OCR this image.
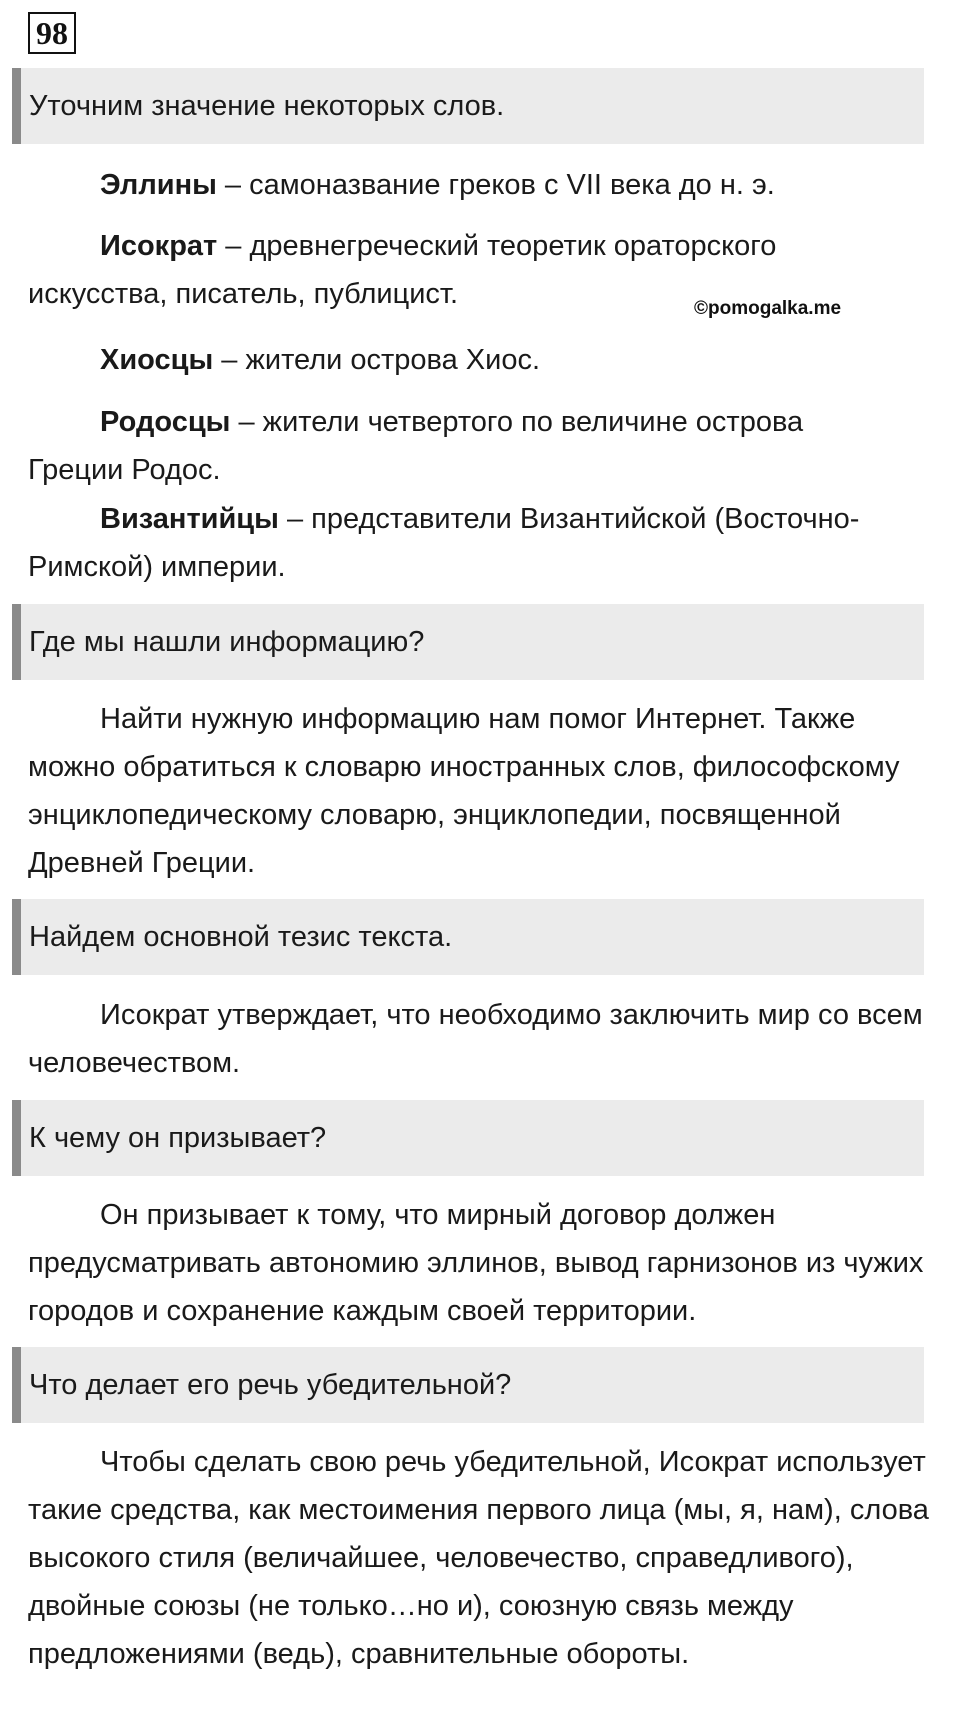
98
Уточним значение некоторых слов.

Эллины – самоназвание греков с VII века до н. э.

Исократ – древнегреческий теоретик ораторского искусства, писатель, публицист.	©pomogalka.me

Хиосцы – жители острова Хиос.

Родосцы – жители четвертого по величине острова Греции Родос.

Византийцы – представители Византийской (Восточно-Римской) империи.

Где мы нашли информацию?

Найти нужную информацию нам помог Интернет. Также можно обратиться к словарю иностранных слов, философскому энциклопедическому словарю, энциклопедии, посвященной Древней Греции.

Найдем основной тезис текста.

Исократ утверждает, что необходимо заключить мир со всем человечеством.

К чему он призывает?

Он призывает к тому, что мирный договор должен предусматривать автономию эллинов, вывод гарнизонов из чужих городов и сохранение каждым своей территории.

Что делает его речь убедительной?

Чтобы сделать свою речь убедительной, Исократ использует такие средства, как местоимения первого лица (мы, я, нам), слова высокого стиля (величайшее, человечество, справедливого), двойные союзы (не только…но и), союзную связь между предложениями (ведь), сравнительные обороты.
